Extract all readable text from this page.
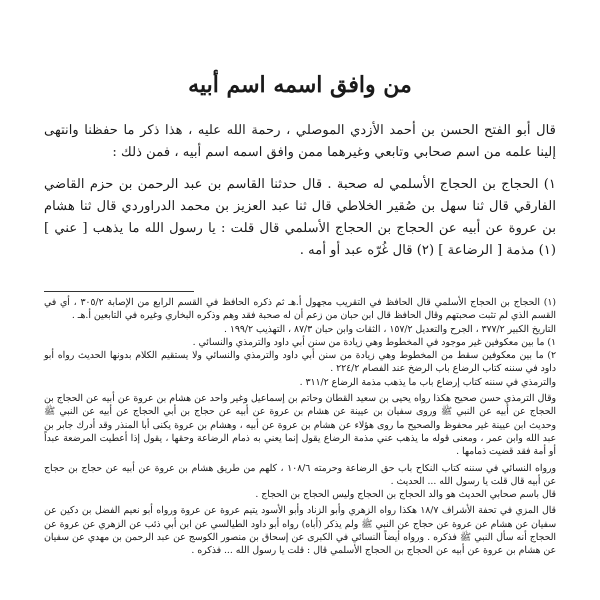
من وافق اسمه اسم أبيه

قال أبو الفتح الحسن بن أحمد الأزدي الموصلي ، رحمة الله عليه ، هذا ذكر ما حفظنا وانتهى إلينا علمه من اسم صحابي وتابعي وغيرهما ممن وافق اسمه اسم أبيه ، فمن ذلك :

١) الحجاج بن الحجاج الأسلمي له صحبة . قال حدثنا القاسم بن عبد الرحمن بن حزم القاضي الفارقي قال ثنا سهل بن صُقير الخلاطي قال ثنا عبد العزيز بن محمد الدراوردي قال ثنا هشام بن عروة عن أبيه عن الحجاج بن الحجاج الأسلمي قال قلت : يا رسول الله ما يذهب [ عني ] (١) مذمة [ الرضاعة ] (٢) قال غُرّه عبد أو أمه .

(١) الحجاج بن الحجاج الأسلمي قال الحافظ في التقريب مجهول أ.هـ ثم ذكره الحافظ في القسم الرابع من الإصابة ٣٠٥/٢ ، أي في القسم الذي لم تثبت صحبتهم وقال الحافظ قال ابن حبان من زعم أن له صحبة فقد وهم وذكره البخاري وغيره في التابعين أ.هـ .

التاريخ الكبير ٣٧٧/٢ ، الجرح والتعديل ١٥٧/٢ ، الثقات وابن حبان ٨٧/٣ ، التهذيب ١٩٩/٢ .

١) ما بين معكوفين غير موجود في المخطوط وهي زيادة من سنن أبي داود والترمذي والنسائي .

٢) ما بين معكوفين سقط من المخطوط وهي زيادة من سنن أبي داود والترمذي والنسائي ولا يستقيم الكلام بدونها الحديث رواه أبو داود في سننه كتاب الرضاع باب الرضخ عند الفصام ٢٢٤/٢ .

والترمذي في سننه كتاب إرضاع باب ما يذهب مذمة الرضاع ٣١١/٢ .

وقال الترمذي حسن صحيح هكذا رواه يحيى بن سعيد القطان وحاتم بن إسماعيل وغير واحد عن هشام بن عروة عن أبيه عن الحجاج بن الحجاج عن أبيه عن النبي ﷺ وروى سفيان بن عيينة عن هشام بن عروة عن أبيه عن حجاج بن أبي الحجاج عن أبيه عن النبي ﷺ وحديث ابن عيينة غير محفوظ والصحيح ما روى هؤلاء عن هشام بن عروة عن أبيه ، وهشام بن عروة يكنى أبا المنذر وقد أدرك جابر بن عبد الله وابن عمر ، ومعنى قوله ما يذهب عني مذمة الرضاع يقول إنما يعني به ذمام الرضاعة وحقها ، يقول إذا أعطيت المرضعة عبداً أو أمة فقد قضيت ذمامها .

ورواه النسائي في سننه كتاب النكاح باب حق الرضاعة وحرمته ١٠٨/٦ ، كلهم من طريق هشام بن عروة عن أبيه عن حجاج بن حجاج عن أبيه قال قلت يا رسول الله ... الحديث .

قال باسم صحابي الحديث هو والد الحجاج بن الحجاج وليس الحجاج بن الحجاج .

قال المزي في تحفة الأشراف ١٨/٧ هكذا رواه الزهري وأبو الزناد وأبو الأسود يتيم عروة عن عروة ورواه أبو نعيم الفضل بن دكين عن سفيان عن هشام عن عروة عن حجاج عن النبي ﷺ ولم يذكر (أباه) رواه أبو داود الطيالسي عن ابن أبي ذئب عن الزهري عن عروة عن الحجاج أنه سأل النبي ﷺ فذكره . ورواه أيضاً النسائي في الكبرى عن إسحاق بن منصور الكوسج عن عبد الرحمن بن مهدي عن سفيان عن هشام بن عروة عن أبيه عن الحجاج بن الحجاج الأسلمي قال : قلت يا رسول الله ... فذكره .
